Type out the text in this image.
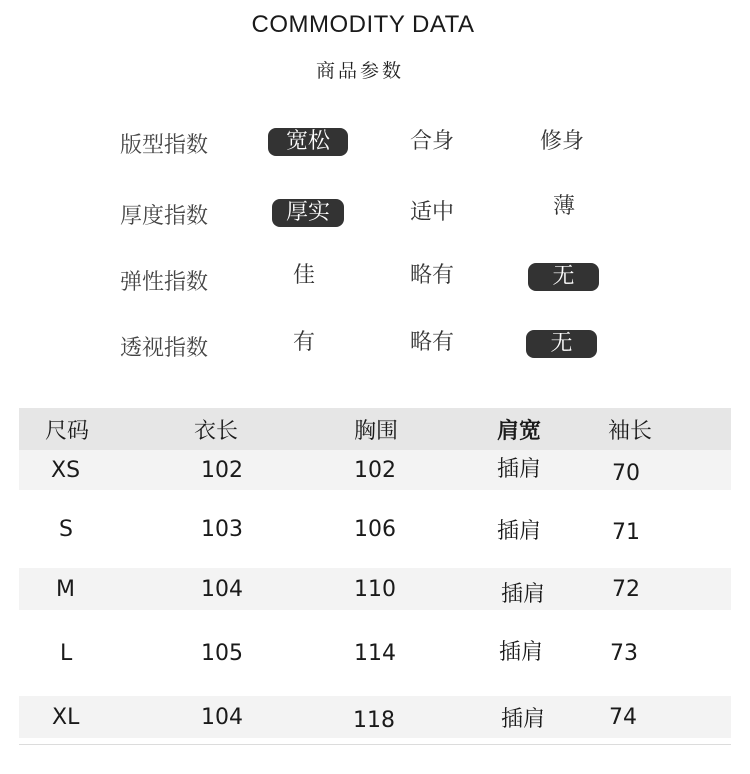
COMMODITY DATA
商品参数
版型指数	宽松	合身	修身
厚度指数	厚实	适中	薄
弹性指数	佳	略有	无
透视指数	有	略有	无
尺码	衣长	胸围	肩宽	袖长
XS	102	102	插肩	70
S	103	106	插肩	71
M	104	110	插肩	72
L	105	114	插肩	73
XL	104	118	插肩	74
